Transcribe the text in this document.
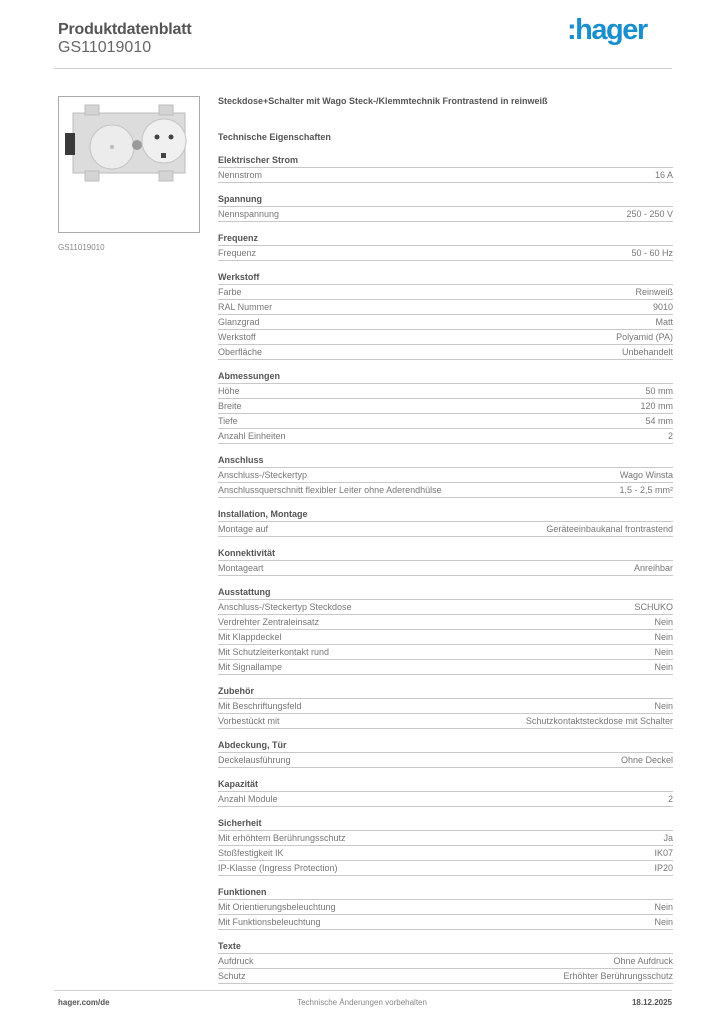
Produktdatenblatt
GS11019010
:hager
GS11019010
Steckdose+Schalter mit Wago Steck-/Klemmtechnik Frontrastend in reinweiß
Technische Eigenschaften
Elektrischer Strom
Nennstrom	16 A
Spannung
Nennspannung	250 - 250 V
Frequenz
Frequenz	50 - 60 Hz
Werkstoff
Farbe	Reinweiß
RAL Nummer	9010
Glanzgrad	Matt
Werkstoff	Polyamid (PA)
Oberfläche	Unbehandelt
Abmessungen
Höhe	50 mm
Breite	120 mm
Tiefe	54 mm
Anzahl Einheiten	2
Anschluss
Anschluss-/Steckertyp	Wago Winsta
Anschlussquerschnitt flexibler Leiter ohne Aderendhülse	1,5 - 2,5 mm²
Installation, Montage
Montage auf	Geräteeinbaukanal frontrastend
Konnektivität
Montageart	Anreihbar
Ausstattung
Anschluss-/Steckertyp Steckdose	SCHUKO
Verdrehter Zentraleinsatz	Nein
Mit Klappdeckel	Nein
Mit Schutzleiterkontakt rund	Nein
Mit Signallampe	Nein
Zubehör
Mit Beschriftungsfeld	Nein
Vorbestückt mit	Schutzkontaktsteckdose mit Schalter
Abdeckung, Tür
Deckelausführung	Ohne Deckel
Kapazität
Anzahl Module	2
Sicherheit
Mit erhöhtem Berührungsschutz	Ja
Stoßfestigkeit IK	IK07
IP-Klasse (Ingress Protection)	IP20
Funktionen
Mit Orientierungsbeleuchtung	Nein
Mit Funktionsbeleuchtung	Nein
Texte
Aufdruck	Ohne Aufdruck
Schutz	Erhöhter Berührungsschutz
hager.com/de	Technische Änderungen vorbehalten	18.12.2025
